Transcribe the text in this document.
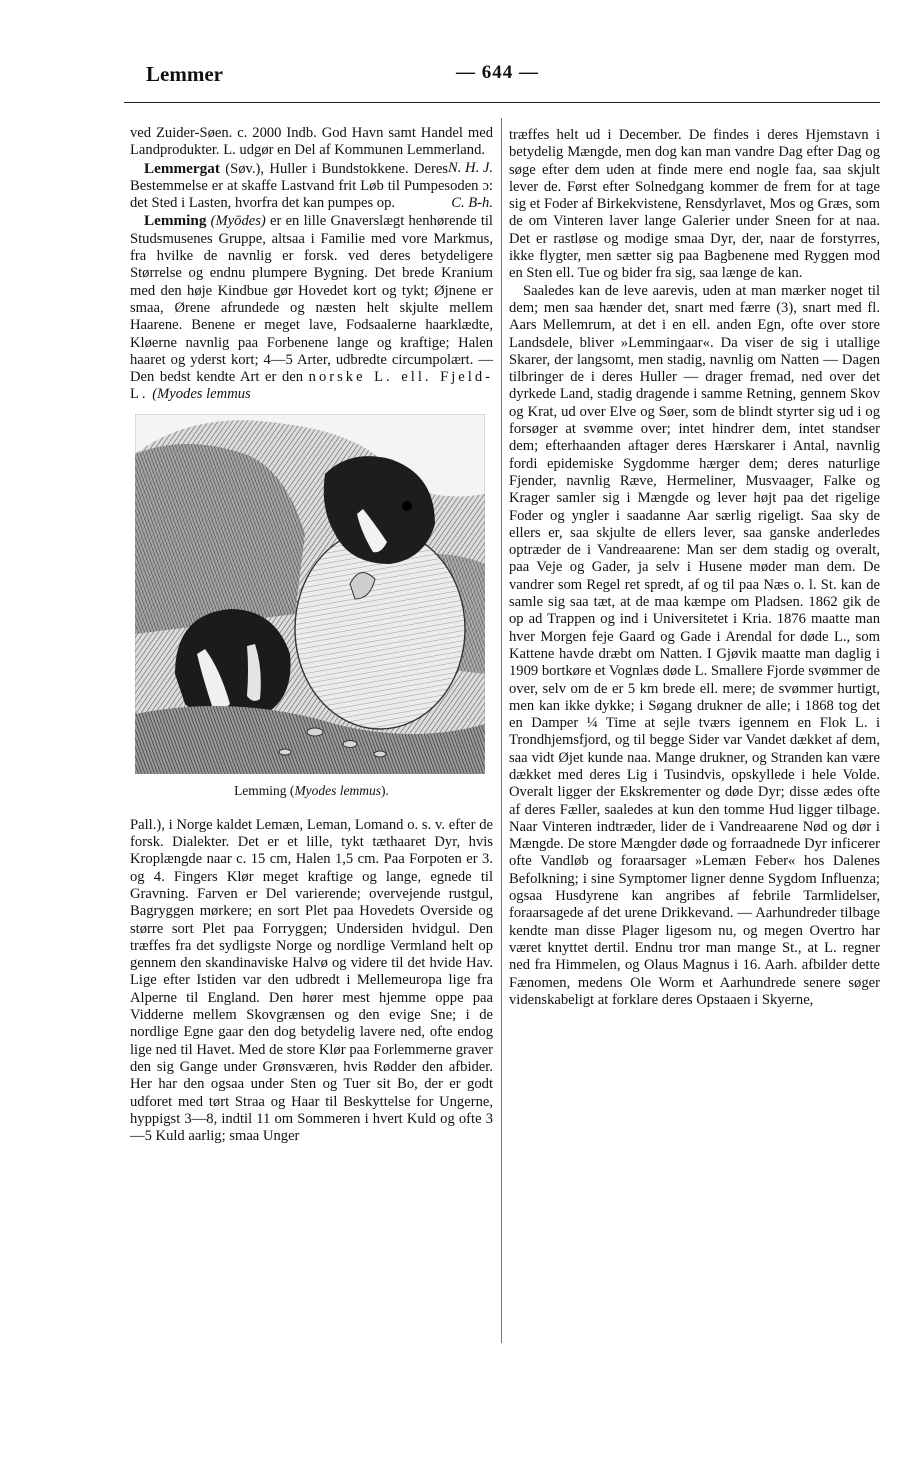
Lemmer	— 644 —

ved Zuider-Søen. c. 2000 Indb. God Havn samt Handel med Landprodukter. L. udgør en Del af Kommunen Lemmerland.
N. H. J.

Lemmergat (Søv.), Huller i Bundstokkene. Deres Bestemmelse er at skaffe Lastvand frit Løb til Pumpesoden ɔ: det Sted i Lasten, hvorfra det kan pumpes op.	C. B-h.

Lemming (Myōdes) er en lille Gnaverslægt henhørende til Studsmusenes Gruppe, altsaa i Familie med vore Markmus, fra hvilke de navnlig er forsk. ved deres betydeligere Størrelse og endnu plumpere Bygning. Det brede Kranium med den høje Kindbue gør Hovedet kort og tykt; Øjnene er smaa, Ørene afrundede og næsten helt skjulte mellem Haarene. Benene er meget lave, Fodsaalerne haarklædte, Kløerne navnlig paa Forbenene lange og kraftige; Halen haaret og yderst kort; 4—5 Arter, udbredte circumpolært. — Den bedst kendte Art er den norske L. ell. Fjeld-L. (Myodes lemmus

Lemming (Myodes lemmus).

Pall.), i Norge kaldet Lemæn, Leman, Lomand o. s. v. efter de forsk. Dialekter. Det er et lille, tykt tæthaaret Dyr, hvis Kroplængde naar c. 15 cm, Halen 1,5 cm. Paa Forpoten er 3. og 4. Fingers Klør meget kraftige og lange, egnede til Gravning. Farven er Del varierende; overvejende rustgul, Bagryggen mørkere; en sort Plet paa Hovedets Overside og større sort Plet paa Forryggen; Undersiden hvidgul. Den træffes fra det sydligste Norge og nordlige Vermland helt op gennem den skandinaviske Halvø og videre til det hvide Hav. Lige efter Istiden var den udbredt i Mellemeuropa lige fra Alperne til England. Den hører mest hjemme oppe paa Vidderne mellem Skovgrænsen og den evige Sne; i de nordlige Egne gaar den dog betydelig lavere ned, ofte endog lige ned til Havet. Med de store Klør paa Forlemmerne graver den sig Gange under Grønsværen, hvis Rødder den afbider. Her har den ogsaa under Sten og Tuer sit Bo, der er godt udforet med tørt Straa og Haar til Beskyttelse for Ungerne, hyppigst 3—8, indtil 11 om Sommeren i hvert Kuld og ofte 3—5 Kuld aarlig; smaa Unger

træffes helt ud i December. De findes i deres Hjemstavn i betydelig Mængde, men dog kan man vandre Dag efter Dag og søge efter dem uden at finde mere end nogle faa, saa skjult lever de. Først efter Solnedgang kommer de frem for at tage sig et Foder af Birkekvistene, Rensdyrlavet, Mos og Græs, som de om Vinteren laver lange Galerier under Sneen for at naa. Det er rastløse og modige smaa Dyr, der, naar de forstyrres, ikke flygter, men sætter sig paa Bagbenene med Ryggen mod en Sten ell. Tue og bider fra sig, saa længe de kan.

Saaledes kan de leve aarevis, uden at man mærker noget til dem; men saa hænder det, snart med færre (3), snart med fl. Aars Mellemrum, at det i en ell. anden Egn, ofte over store Landsdele, bliver »Lemmingaar«. Da viser de sig i utallige Skarer, der langsomt, men stadig, navnlig om Natten — Dagen tilbringer de i deres Huller — drager fremad, ned over det dyrkede Land, stadig dragende i samme Retning, gennem Skov og Krat, ud over Elve og Søer, som de blindt styrter sig ud i og forsøger at svømme over; intet hindrer dem, intet standser dem; efterhaanden aftager deres Hærskarer i Antal, navnlig fordi epidemiske Sygdomme hærger dem; deres naturlige Fjender, navnlig Ræve, Hermeliner, Musvaager, Falke og Krager samler sig i Mængde og lever højt paa det rigelige Foder og yngler i saadanne Aar særlig rigeligt. Saa sky de ellers er, saa skjulte de ellers lever, saa ganske anderledes optræder de i Vandreaarene: Man ser dem stadig og overalt, paa Veje og Gader, ja selv i Husene møder man dem. De vandrer som Regel ret spredt, af og til paa Næs o. l. St. kan de samle sig saa tæt, at de maa kæmpe om Pladsen. 1862 gik de op ad Trappen og ind i Universitetet i Kria. 1876 maatte man hver Morgen feje Gaard og Gade i Arendal for døde L., som Kattene havde dræbt om Natten. I Gjøvik maatte man daglig i 1909 bortkøre et Vognlæs døde L. Smallere Fjorde svømmer de over, selv om de er 5 km brede ell. mere; de svømmer hurtigt, men kan ikke dykke; i Søgang drukner de alle; i 1868 tog det en Damper ¼ Time at sejle tværs igennem en Flok L. i Trondhjemsfjord, og til begge Sider var Vandet dækket af dem, saa vidt Øjet kunde naa. Mange drukner, og Stranden kan være dækket med deres Lig i Tusindvis, opskyllede i hele Volde. Overalt ligger der Ekskrementer og døde Dyr; disse ædes ofte af deres Fæller, saaledes at kun den tomme Hud ligger tilbage. Naar Vinteren indtræder, lider de i Vandreaarene Nød og dør i Mængde. De store Mængder døde og forraadnede Dyr inficerer ofte Vandløb og foraarsager »Lemæn Feber« hos Dalenes Befolkning; i sine Symptomer ligner denne Sygdom Influenza; ogsaa Husdyrene kan angribes af febrile Tarmlidelser, foraarsagede af det urene Drikkevand. — Aarhundreder tilbage kendte man disse Plager ligesom nu, og megen Overtro har været knyttet dertil. Endnu tror man mange St., at L. regner ned fra Himmelen, og Olaus Magnus i 16. Aarh. afbilder dette Fænomen, medens Ole Worm et Aarhundrede senere søger videnskabeligt at forklare deres Opstaaen i Skyerne,
